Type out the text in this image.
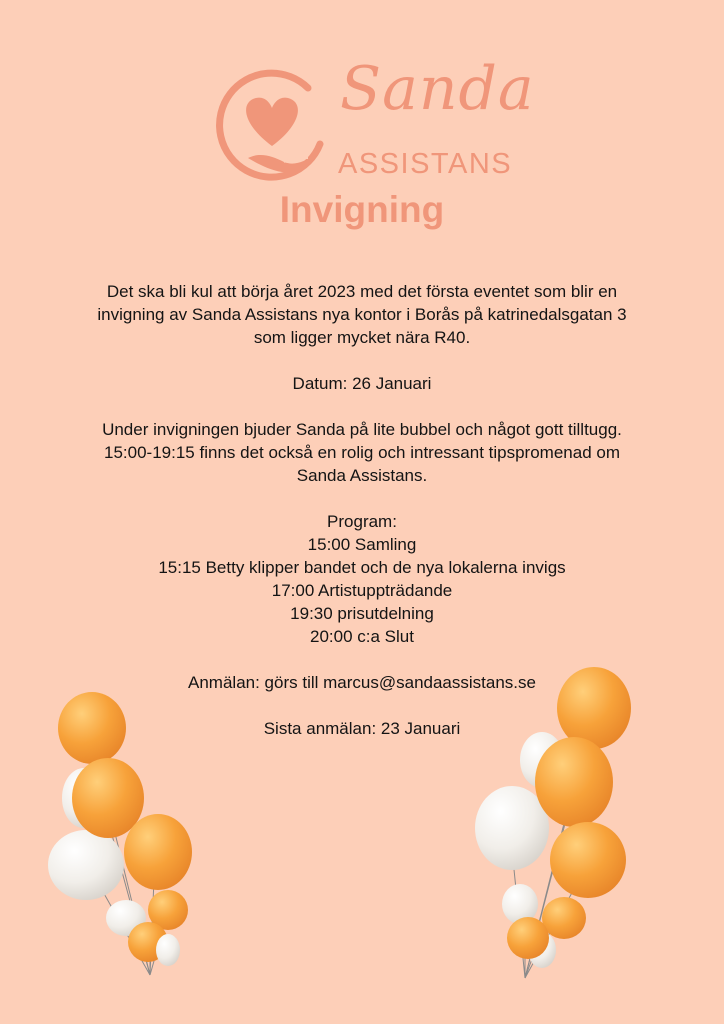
Sanda
ASSISTANS
Invigning

Det ska bli kul att börja året 2023 med det första eventet som blir en
invigning av Sanda Assistans nya kontor i Borås på katrinedalsgatan 3
som ligger mycket nära R40.

Datum: 26 Januari

Under invigningen bjuder Sanda på lite bubbel och något gott tilltugg.
15:00-19:15 finns det också en rolig och intressant tipspromenad om
Sanda Assistans.

Program:
15:00 Samling
15:15 Betty klipper bandet och de nya lokalerna invigs
17:00 Artistuppträdande
19:30 prisutdelning
20:00 c:a Slut

Anmälan: görs till marcus@sandaassistans.se

Sista anmälan: 23 Januari
